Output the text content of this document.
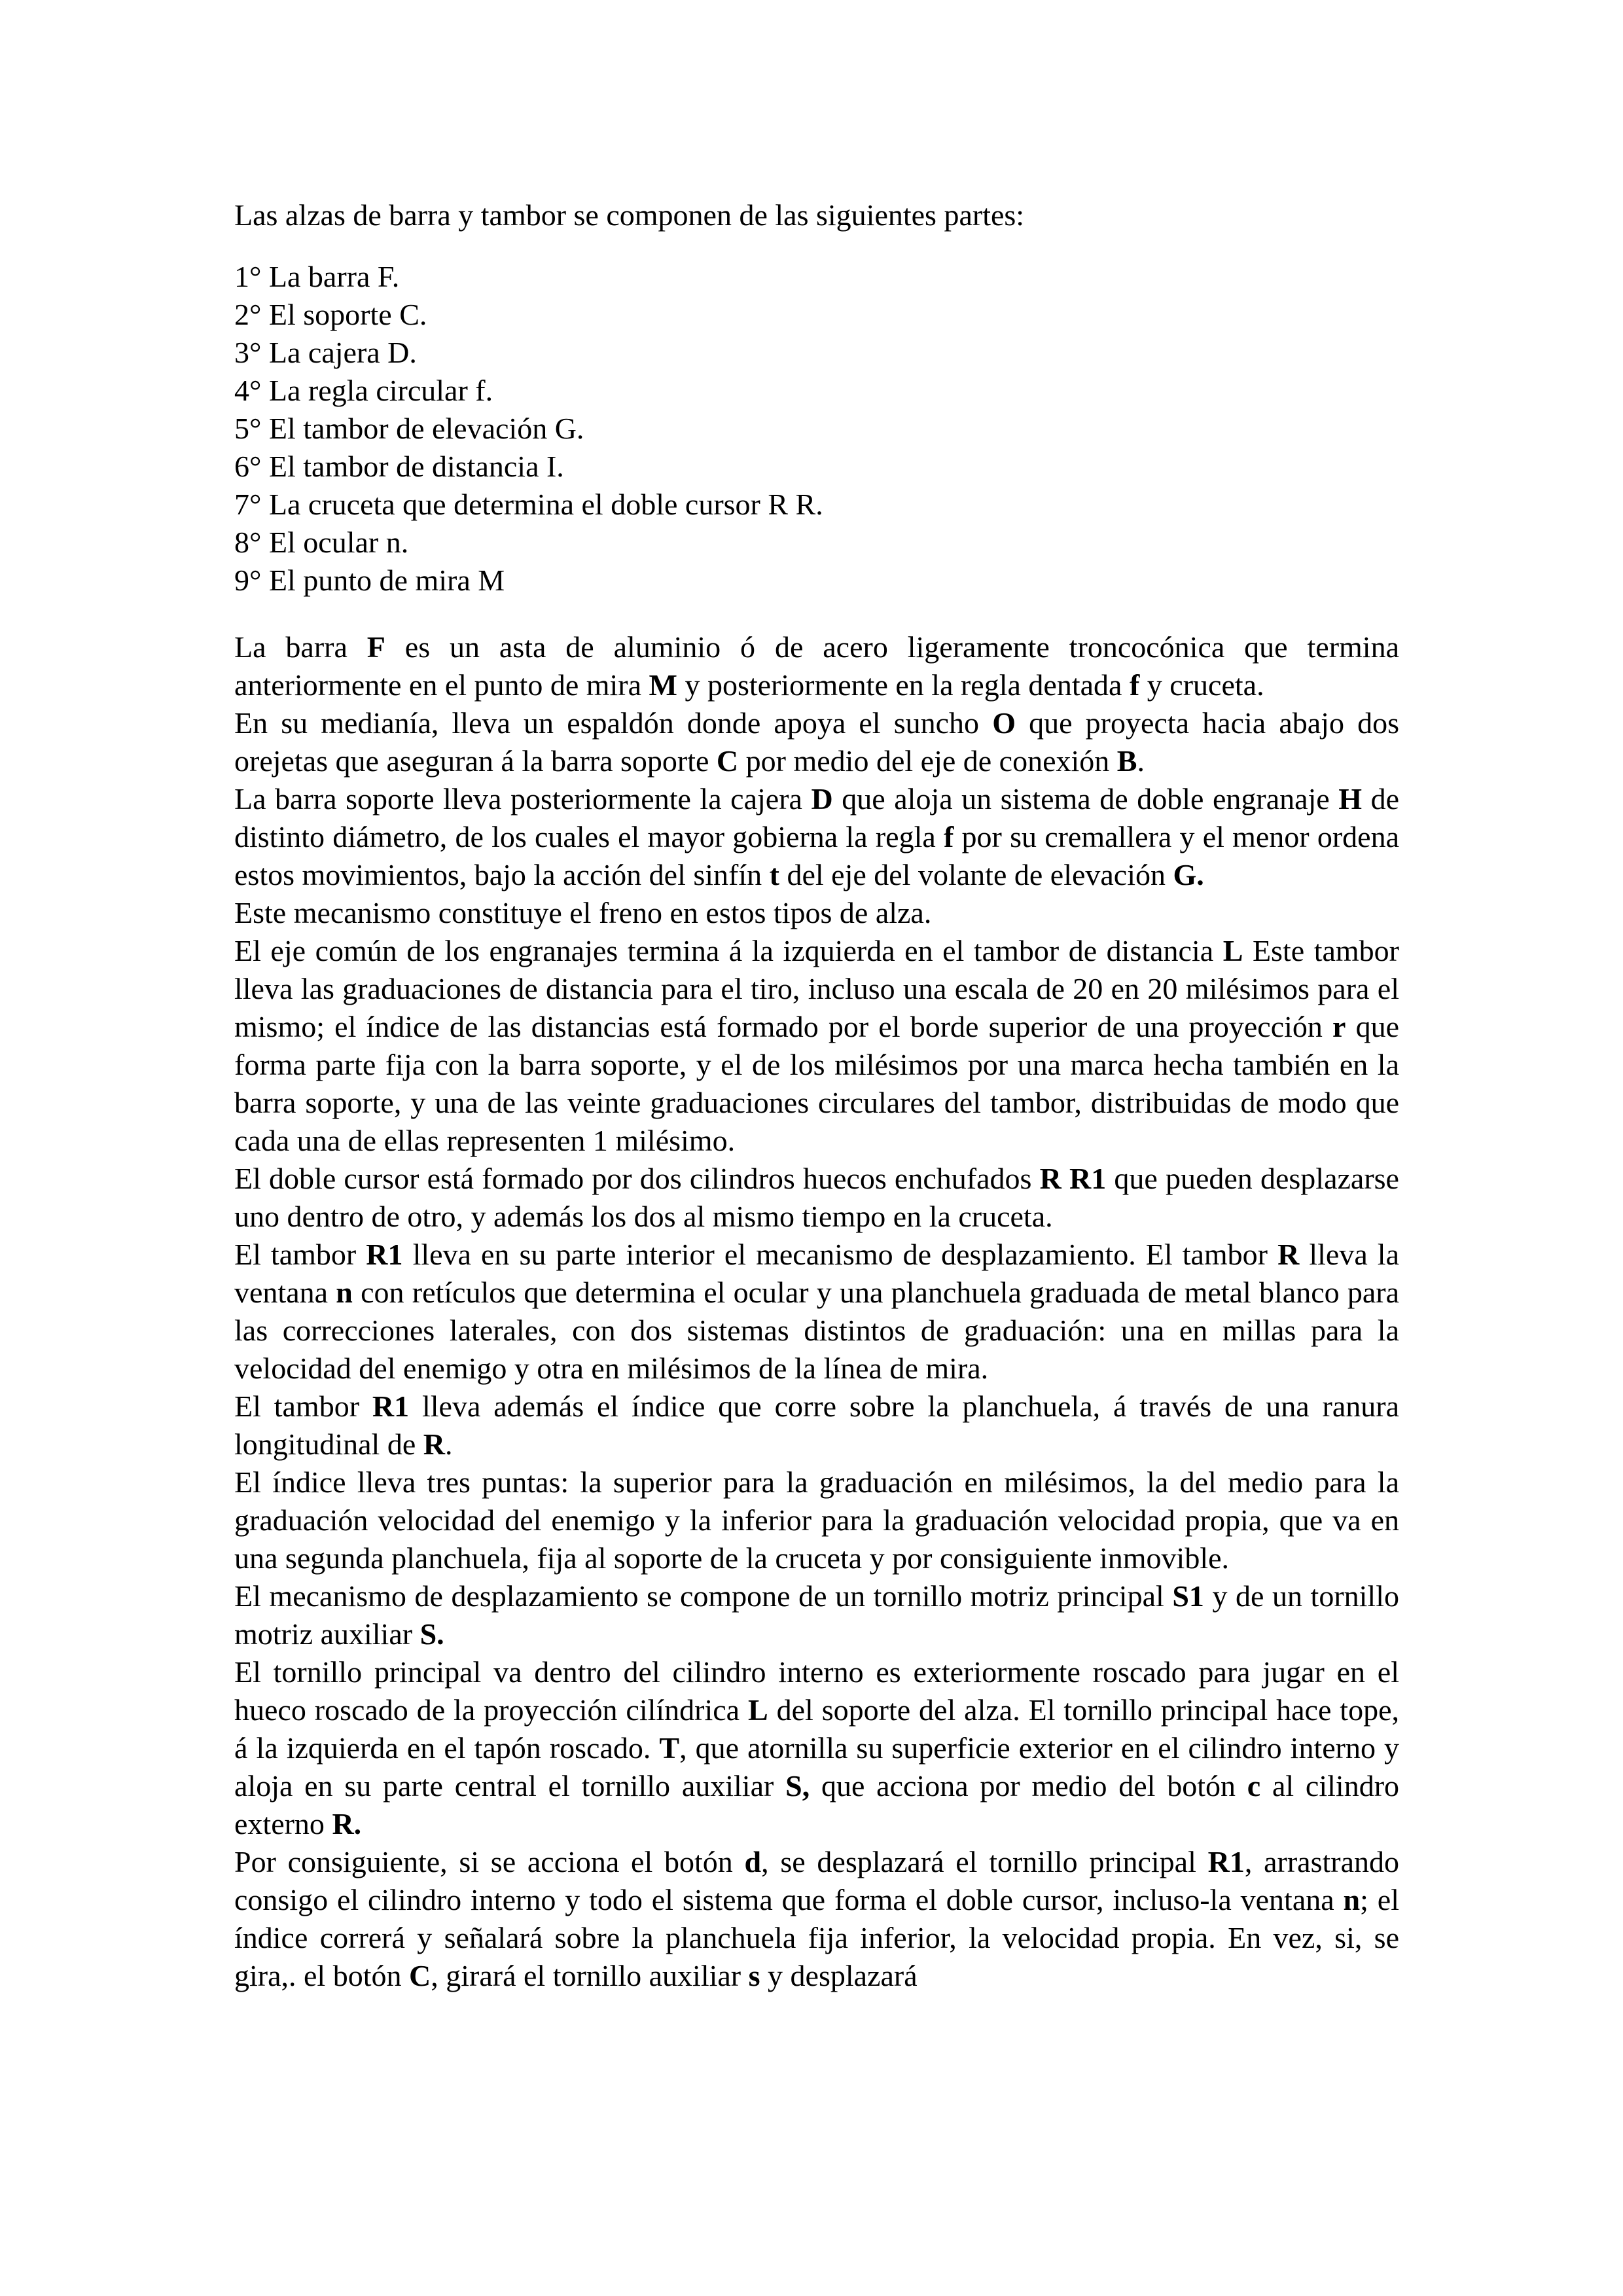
Las alzas de barra y tambor se componen de las siguientes partes:

1° La barra F.
2° El soporte C.
3° La cajera D.
4° La regla circular f.
5° El tambor de elevación G.
6° El tambor de distancia I.
7° La cruceta que determina el doble cursor R R.
8° El ocular n.
9° El punto de mira M

La barra F es un asta de aluminio ó de acero ligeramente troncocónica que termina anteriormente en el punto de mira M y posteriormente en la regla dentada f y cruceta.

En su medianía, lleva un espaldón donde apoya el suncho O que proyecta hacia abajo dos orejetas que aseguran á la barra soporte C por medio del eje de conexión B.

La barra soporte lleva posteriormente la cajera D que aloja un sistema de doble engranaje H de distinto diámetro, de los cuales el mayor gobierna la regla f por su cremallera y el menor ordena estos movimientos, bajo la acción del sinfín t del eje del volante de elevación G.

Este mecanismo constituye el freno en estos tipos de alza.

El eje común de los engranajes termina á la izquierda en el tambor de distancia L Este tambor lleva las graduaciones de distancia para el tiro, incluso una escala de 20 en 20 milésimos para el mismo; el índice de las distancias está formado por el borde superior de una proyección r que forma parte fija con la barra soporte, y el de los milésimos por una marca hecha también en la barra soporte, y una de las veinte graduaciones circulares del tambor, distribuidas de modo que cada una de ellas representen 1 milésimo.

El doble cursor está formado por dos cilindros huecos enchufados R R1 que pueden desplazarse uno dentro de otro, y además los dos al mismo tiempo en la cruceta.

El tambor R1 lleva en su parte interior el mecanismo de desplazamiento. El tambor R lleva la ventana n con retículos que determina el ocular y una planchuela graduada de metal blanco para las correcciones laterales, con dos sistemas distintos de graduación: una en millas para la velocidad del enemigo y otra en milésimos de la línea de mira.

El tambor R1 lleva además el índice que corre sobre la planchuela, á través de una ranura longitudinal de R.

El índice lleva tres puntas: la superior para la graduación en milésimos, la del medio para la graduación velocidad del enemigo y la inferior para la graduación velocidad propia, que va en una segunda planchuela, fija al soporte de la cruceta y por consiguiente inmovible.

El mecanismo de desplazamiento se compone de un tornillo motriz principal S1 y de un tornillo motriz auxiliar S.

El tornillo principal va dentro del cilindro interno es exteriormente roscado para jugar en el hueco roscado de la proyección cilíndrica L del soporte del alza. El tornillo principal hace tope, á la izquierda en el tapón roscado. T, que atornilla su superficie exterior en el cilindro interno y aloja en su parte central el tornillo auxiliar S, que acciona por medio del botón c al cilindro externo R.

Por consiguiente, si se acciona el botón d, se desplazará el tornillo principal R1, arrastrando consigo el cilindro interno y todo el sistema que forma el doble cursor, incluso-la ventana n; el índice correrá y señalará sobre la planchuela fija inferior, la velocidad propia. En vez, si, se gira,. el botón C, girará el tornillo auxiliar s y desplazará
